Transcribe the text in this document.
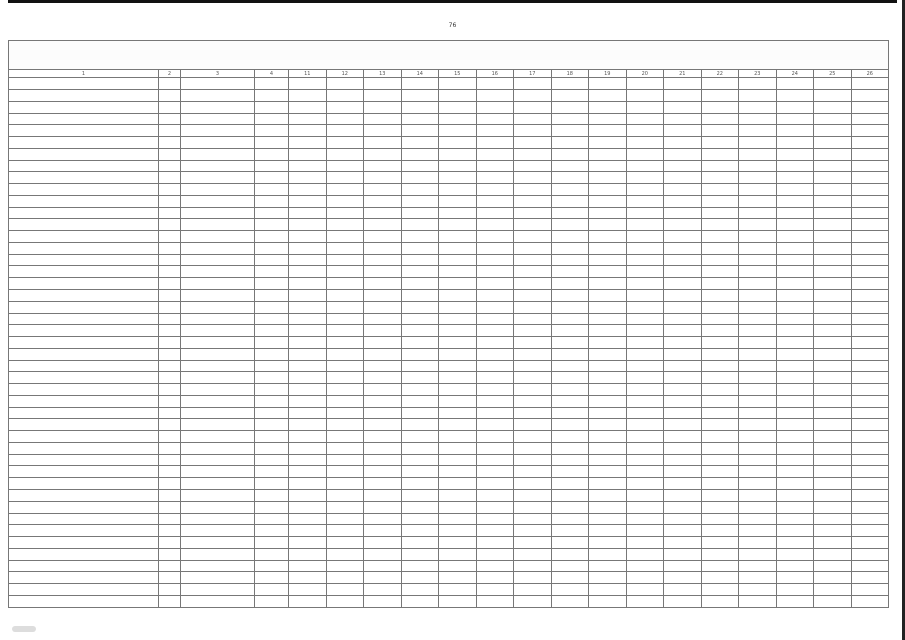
76

1	2	3	4	11	12	13	14	15	16	17	18	19	20	21	22	23	24	25	26
